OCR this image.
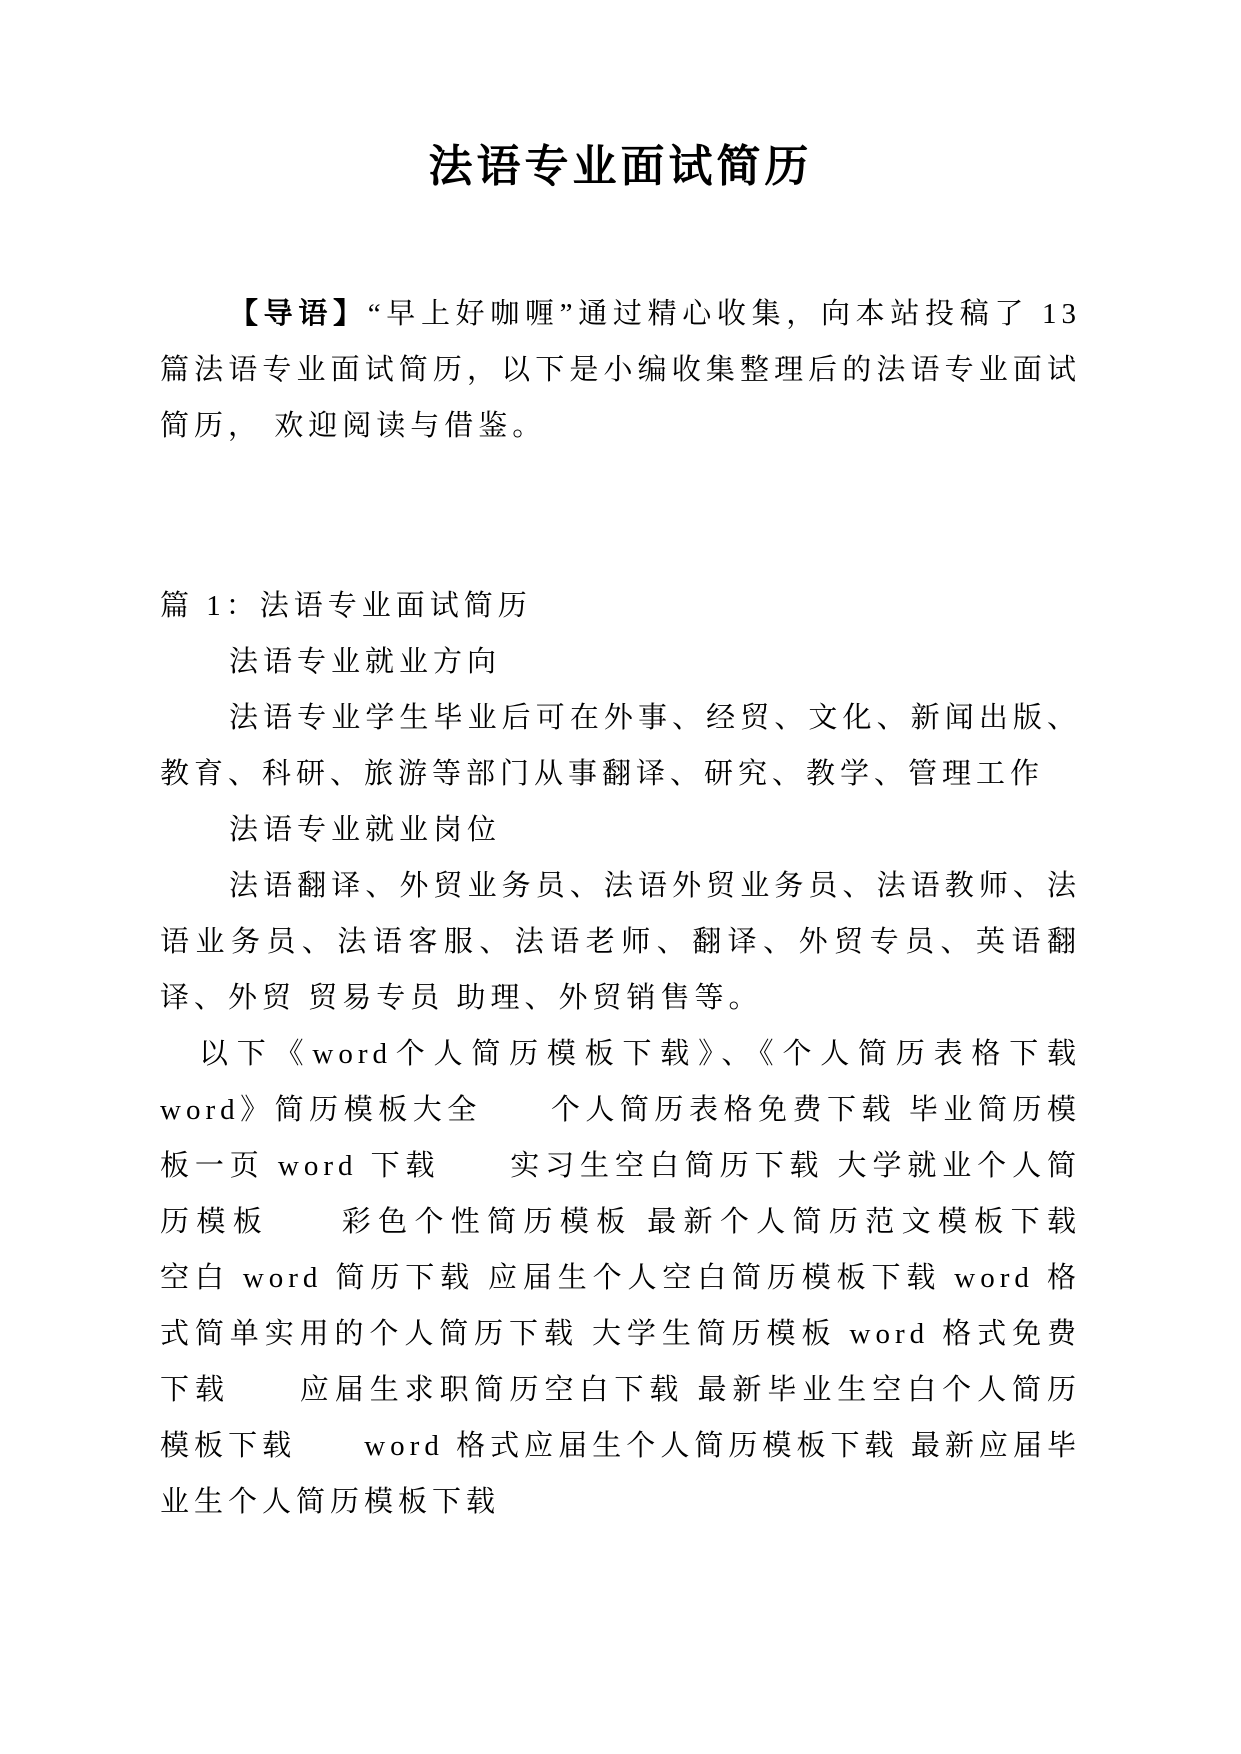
法语专业面试简历

【导语】“早上好咖喱”通过精心收集，向本站投稿了 13 篇法语专业面试简历，以下是小编收集整理后的法语专业面试简历， 欢迎阅读与借鉴。

篇 1：法语专业面试简历

法语专业就业方向

法语专业学生毕业后可在外事、经贸、文化、新闻出版、教育、科研、旅游等部门从事翻译、研究、教学、管理工作

法语专业就业岗位

法语翻译、外贸业务员、法语外贸业务员、法语教师、法语业务员、法语客服、法语老师、翻译、外贸专员、英语翻译、外贸 贸易专员 助理、外贸销售等。

以下《word个人简历模板下载》、《个人简历表格下载word》简历模板大全　　个人简历表格免费下载 毕业简历模板一页 word 下载　　实习生空白简历下载 大学就业个人简历模板　　彩色个性简历模板 最新个人简历范文模板下载　　空白 word 简历下载 应届生个人空白简历模板下载 word 格式简单实用的个人简历下载 大学生简历模板 word 格式免费下载　　应届生求职简历空白下载 最新毕业生空白个人简历模板下载　　word 格式应届生个人简历模板下载 最新应届毕业生个人简历模板下载
